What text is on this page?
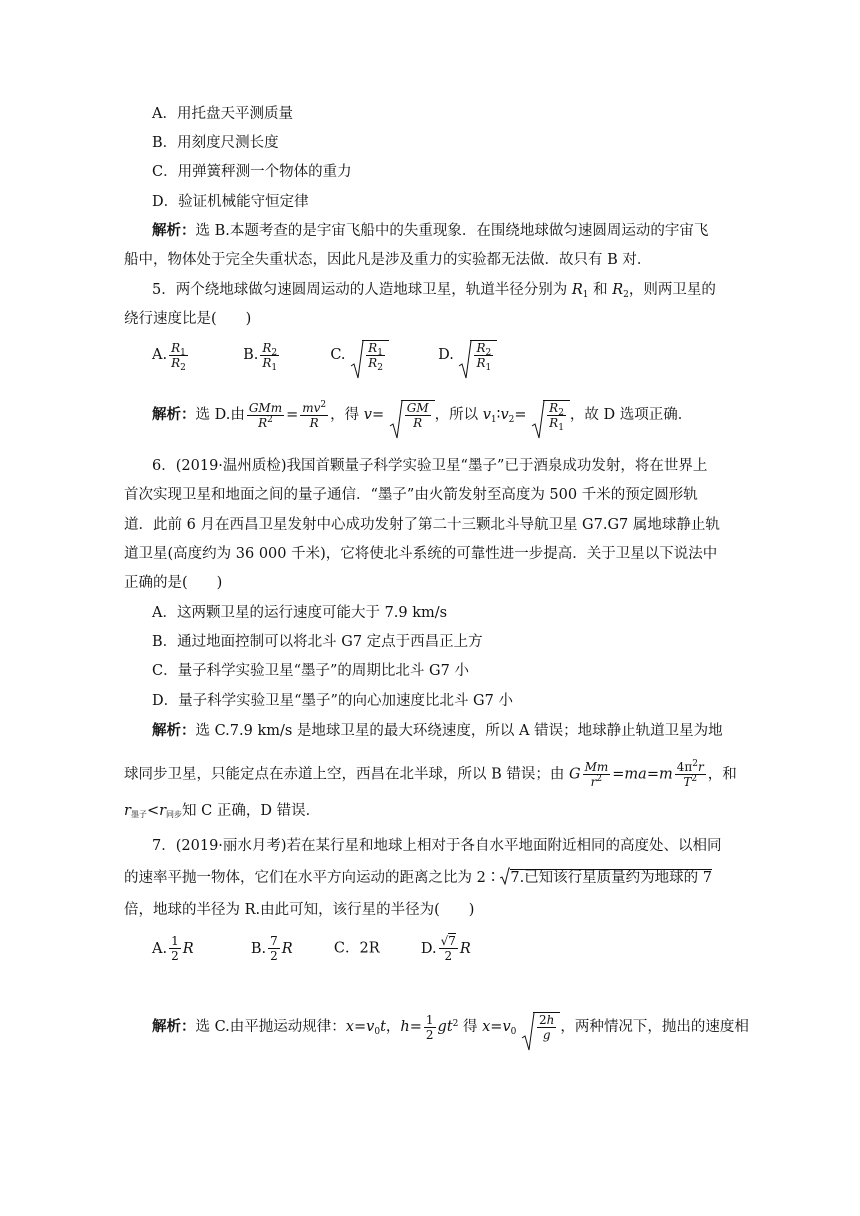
A．用托盘天平测质量
B．用刻度尺测长度
C．用弹簧秤测一个物体的重力
D．验证机械能守恒定律
解析：选 B.本题考查的是宇宙飞船中的失重现象．在围绕地球做匀速圆周运动的宇宙飞
船中，物体处于完全失重状态，因此凡是涉及重力的实验都无法做．故只有 B 对．
5．两个绕地球做匀速圆周运动的人造地球卫星，轨道半径分别为 $R_1$ 和 $R_2$，则两卫星的
绕行速度比是(　　)
A. $\frac{R_1}{R_2}$	B. $\frac{R_2}{R_1}$	C. $\frac{R_1}{R_2}$	D. $\frac{R_2}{R_1}$
解析：选 D.由 $\frac{\text{GMm}}{R^2} = \frac{mv^2}{R}$ ，得 $v= \frac{GM}{R}$ ，所以 $v_1∶v_2= \frac{R_2}{R_1}$ ，故 D 选项正确．
6．(2019·温州质检)我国首颗量子科学实验卫星“墨子”已于酒泉成功发射，将在世界上
首次实现卫星和地面之间的量子通信．“墨子”由火箭发射至高度为 500 千米的预定圆形轨
道．此前 6 月在西昌卫星发射中心成功发射了第二十三颗北斗导航卫星 G7.G7 属地球静止轨
道卫星(高度约为 36 000 千米)，它将使北斗系统的可靠性进一步提高．关于卫星以下说法中
正确的是(　　)
A．这两颗卫星的运行速度可能大于 7.9 km/s
B．通过地面控制可以将北斗 G7 定点于西昌正上方
C．量子科学实验卫星“墨子”的周期比北斗 G7 小
D．量子科学实验卫星“墨子”的向心加速度比北斗 G7 小
解析：选 C.7.9 km/s 是地球卫星的最大环绕速度，所以 A 错误；地球静止轨道卫星为地
球同步卫星，只能定点在赤道上空，西昌在北半球，所以 B 错误；由 G $\frac{Mm}{r^2} =ma=m \frac{4\pi^2r}{T^2}$ ，和
r墨子<r同步知 C 正确，D 错误．
7．(2019·丽水月考)若在某行星和地球上相对于各自水平地面附近相同的高度处、以相同
的速率平抛一物体，它们在水平方向运动的距离之比为 2∶ 7.已知该行星质量约为地球的 7
倍，地球的半径为 R.由此可知，该行星的半径为(　　)
A. $\frac{1}{2}$ R	B. $\frac{7}{2}$ R	C．2R	D. $\frac{√7}{2}$ R
解析：选 C.由平抛运动规律：$x=v_0t$，$h= \frac{1}{2} gt^2$ 得 $x=v_0 \frac{2h}{g}$ ，两种情况下，抛出的速度相
